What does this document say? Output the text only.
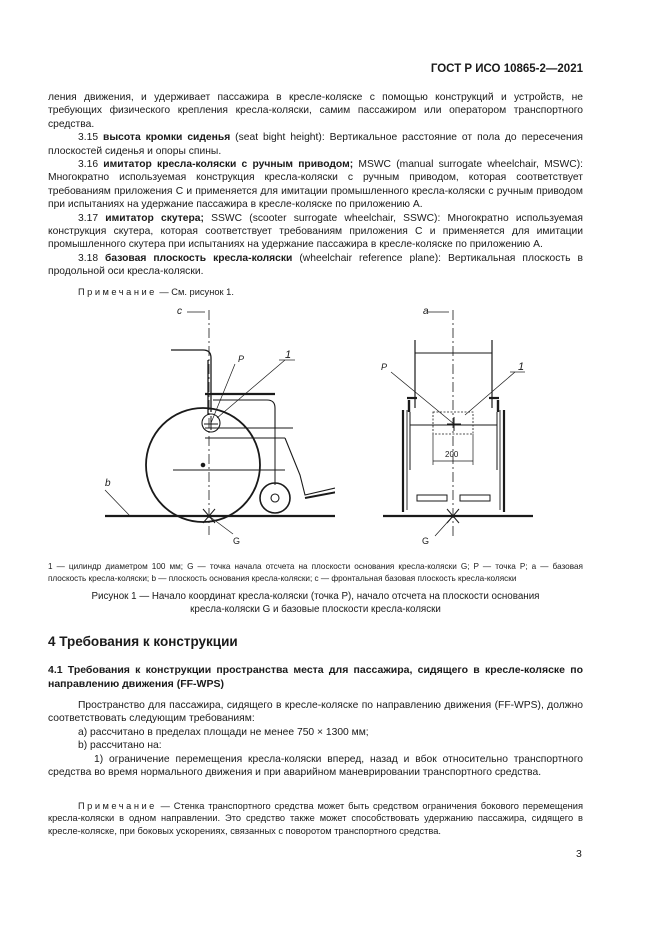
ГОСТ Р ИСО 10865-2—2021

ления движения, и удерживает пассажира в кресле-коляске с помощью конструкций и устройств, не требующих физического крепления кресла-коляски, самим пассажиром или оператором транспортного средства.

3.15 высота кромки сиденья (seat bight height): Вертикальное расстояние от пола до пересечения плоскостей сиденья и опоры спины.

3.16 имитатор кресла-коляски с ручным приводом; MSWC (manual surrogate wheelchair, MSWC): Многократно используемая конструкция кресла-коляски с ручным приводом, которая соответствует требованиям приложения С и применяется для имитации промышленного кресла-коляски с ручным приводом при испытаниях на удержание пассажира в кресле-коляске по приложению А.

3.17 имитатор скутера; SSWC (scooter surrogate wheelchair, SSWC): Многократно используемая конструкция скутера, которая соответствует требованиям приложения С и применяется для имитации промышленного скутера при испытаниях на удержание пассажира в кресле-коляске по приложению А.

3.18 базовая плоскость кресла-коляски (wheelchair reference plane): Вертикальная плоскость в продольной оси кресла-коляски.

Примечание — См. рисунок 1.

c
P	1
b
G
a
P	1
200
G
1 — цилиндр диаметром 100 мм; G — точка начала отсчета на плоскости основания кресла-коляски G; P — точка P; a — базовая плоскость кресла-коляски; b — плоскость основания кресла-коляски; c — фронтальная базовая плоскость кресла-коляски
Рисунок 1 — Начало координат кресла-коляски (точка P), начало отсчета на плоскости основания
кресла-коляски G и базовые плоскости кресла-коляски
4 Требования к конструкции
4.1 Требования к конструкции пространства места для пассажира, сидящего в кресле-коляске по направлению движения (FF-WPS)

Пространство для пассажира, сидящего в кресле-коляске по направлению движения (FF-WPS), должно соответствовать следующим требованиям:

a) рассчитано в пределах площади не менее 750 × 1300 мм;

b) рассчитано на:

1) ограничение перемещения кресла-коляски вперед, назад и вбок относительно транспортного средства во время нормального движения и при аварийном маневрировании транспортного средства.

Примечание — Стенка транспортного средства может быть средством ограничения бокового перемещения кресла-коляски в одном направлении. Это средство также может способствовать удержанию пассажира, сидящего в кресле-коляске, при боковых ускорениях, связанных с поворотом транспортного средства.

3
